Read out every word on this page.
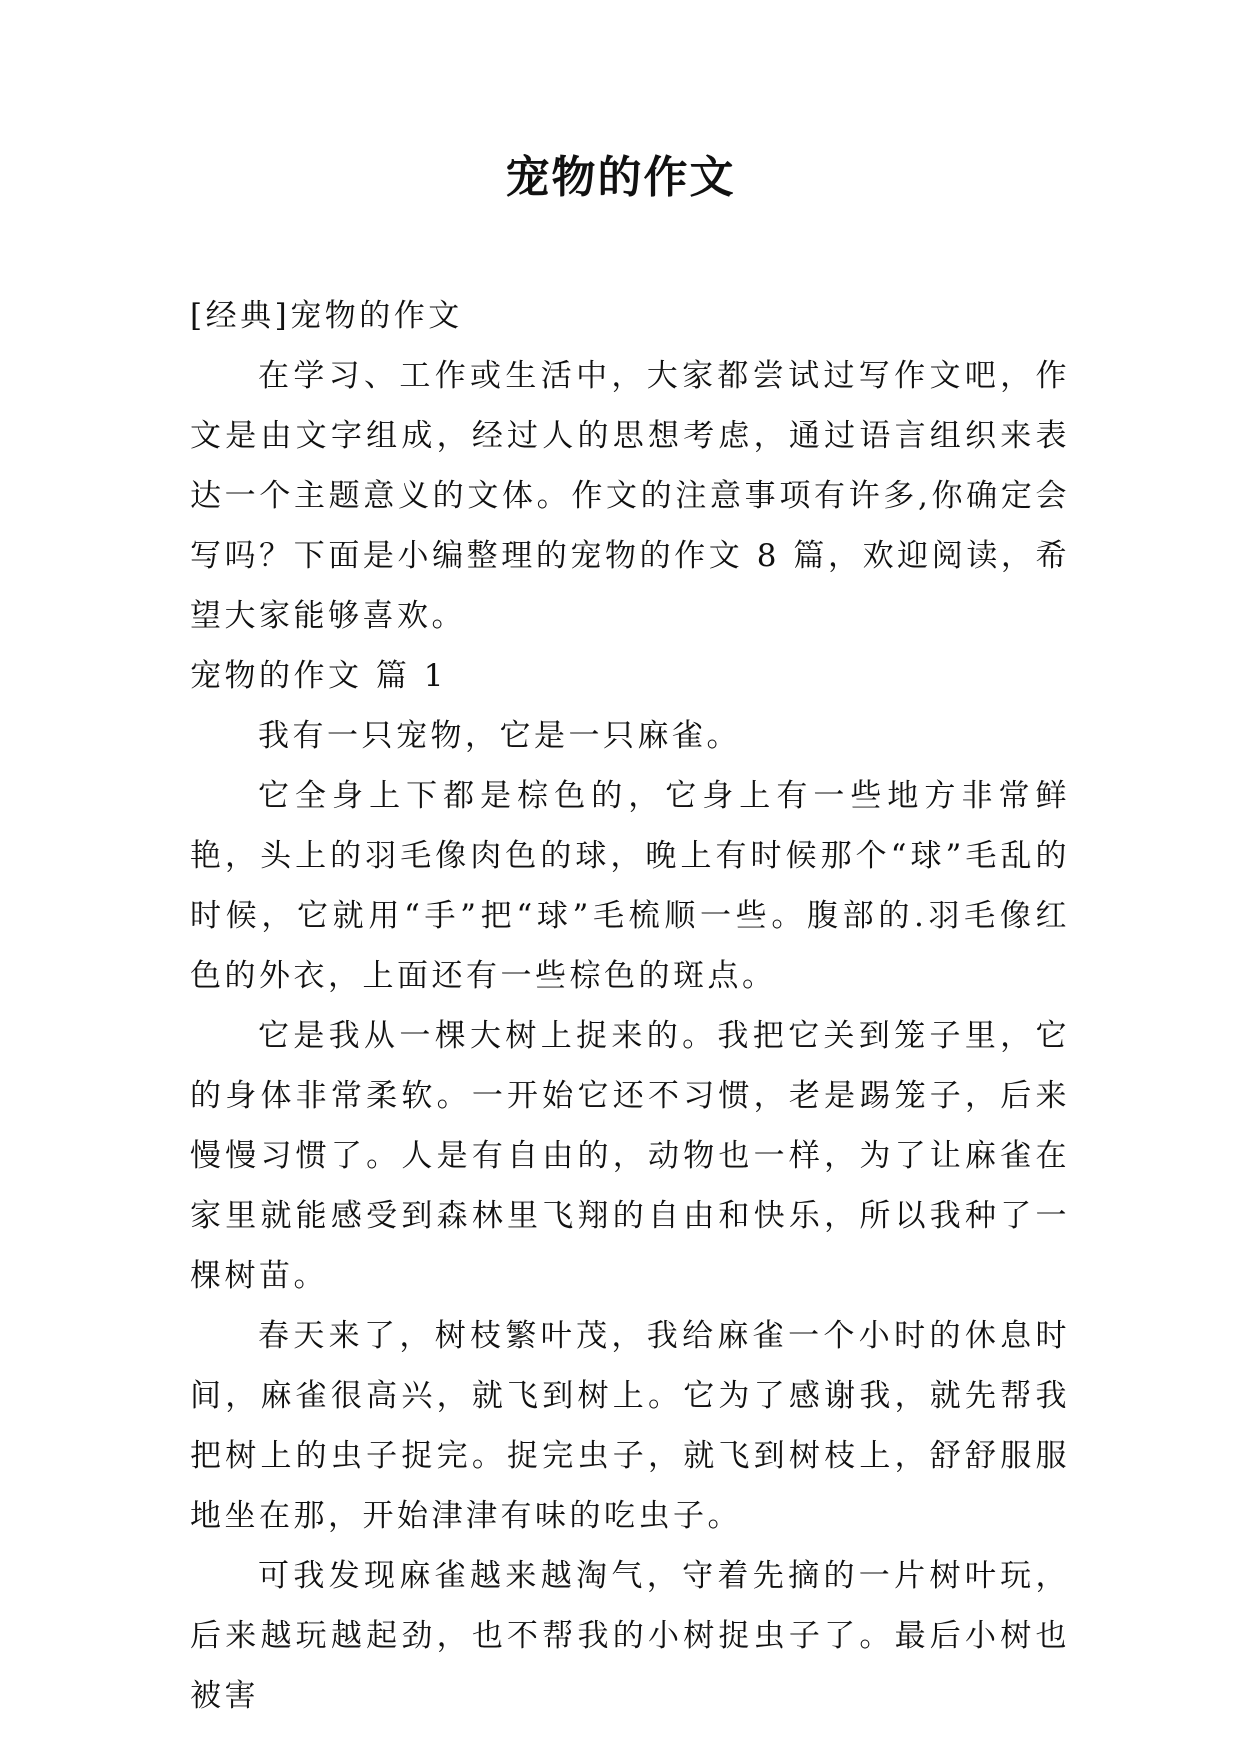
宠物的作文

[经典]宠物的作文

在学习、工作或生活中，大家都尝试过写作文吧，作文是由文字组成，经过人的思想考虑，通过语言组织来表达一个主题意义的文体。作文的注意事项有许多,你确定会写吗？下面是小编整理的宠物的作文 8 篇，欢迎阅读，希望大家能够喜欢。

宠物的作文 篇 1

我有一只宠物，它是一只麻雀。

它全身上下都是棕色的，它身上有一些地方非常鲜艳，头上的羽毛像肉色的球，晚上有时候那个“球”毛乱的时候，它就用“手”把“球”毛梳顺一些。腹部的.羽毛像红色的外衣，上面还有一些棕色的斑点。

它是我从一棵大树上捉来的。我把它关到笼子里，它的身体非常柔软。一开始它还不习惯，老是踢笼子，后来慢慢习惯了。人是有自由的，动物也一样，为了让麻雀在家里就能感受到森林里飞翔的自由和快乐，所以我种了一棵树苗。

春天来了，树枝繁叶茂，我给麻雀一个小时的休息时间，麻雀很高兴，就飞到树上。它为了感谢我，就先帮我把树上的虫子捉完。捉完虫子，就飞到树枝上，舒舒服服地坐在那，开始津津有味的吃虫子。

可我发现麻雀越来越淘气，守着先摘的一片树叶玩，后来越玩越起劲，也不帮我的小树捉虫子了。最后小树也被害
